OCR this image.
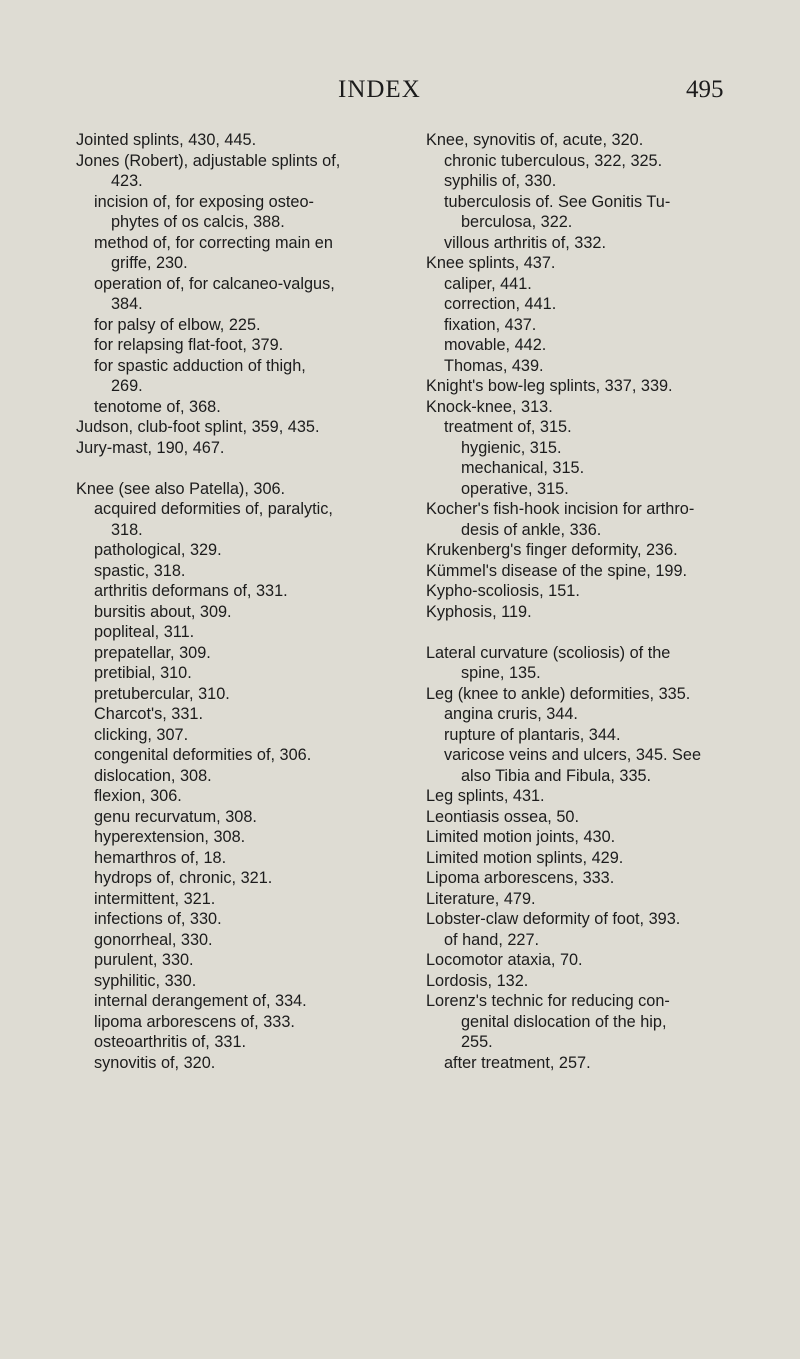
INDEX	495
Jointed splints, 430, 445.
Jones (Robert), adjustable splints of,
423.
incision of, for exposing osteo-
phytes of os calcis, 388.
method of, for correcting main en
griffe, 230.
operation of, for calcaneo-valgus,
384.
for palsy of elbow, 225.
for relapsing flat-foot, 379.
for spastic adduction of thigh,
269.
tenotome of, 368.
Judson, club-foot splint, 359, 435.
Jury-mast, 190, 467.
Knee (see also Patella), 306.
acquired deformities of, paralytic,
318.
pathological, 329.
spastic, 318.
arthritis deformans of, 331.
bursitis about, 309.
popliteal, 311.
prepatellar, 309.
pretibial, 310.
pretubercular, 310.
Charcot's, 331.
clicking, 307.
congenital deformities of, 306.
dislocation, 308.
flexion, 306.
genu recurvatum, 308.
hyperextension, 308.
hemarthros of, 18.
hydrops of, chronic, 321.
intermittent, 321.
infections of, 330.
gonorrheal, 330.
purulent, 330.
syphilitic, 330.
internal derangement of, 334.
lipoma arborescens of, 333.
osteoarthritis of, 331.
synovitis of, 320.
Knee, synovitis of, acute, 320.
chronic tuberculous, 322, 325.
syphilis of, 330.
tuberculosis of. See Gonitis Tu-
berculosa, 322.
villous arthritis of, 332.
Knee splints, 437.
caliper, 441.
correction, 441.
fixation, 437.
movable, 442.
Thomas, 439.
Knight's bow-leg splints, 337, 339.
Knock-knee, 313.
treatment of, 315.
hygienic, 315.
mechanical, 315.
operative, 315.
Kocher's fish-hook incision for arthro-
desis of ankle, 336.
Krukenberg's finger deformity, 236.
Kümmel's disease of the spine, 199.
Kypho-scoliosis, 151.
Kyphosis, 119.
Lateral curvature (scoliosis) of the
spine, 135.
Leg (knee to ankle) deformities, 335.
angina cruris, 344.
rupture of plantaris, 344.
varicose veins and ulcers, 345. See
also Tibia and Fibula, 335.
Leg splints, 431.
Leontiasis ossea, 50.
Limited motion joints, 430.
Limited motion splints, 429.
Lipoma arborescens, 333.
Literature, 479.
Lobster-claw deformity of foot, 393.
of hand, 227.
Locomotor ataxia, 70.
Lordosis, 132.
Lorenz's technic for reducing con-
genital dislocation of the hip,
255.
after treatment, 257.
